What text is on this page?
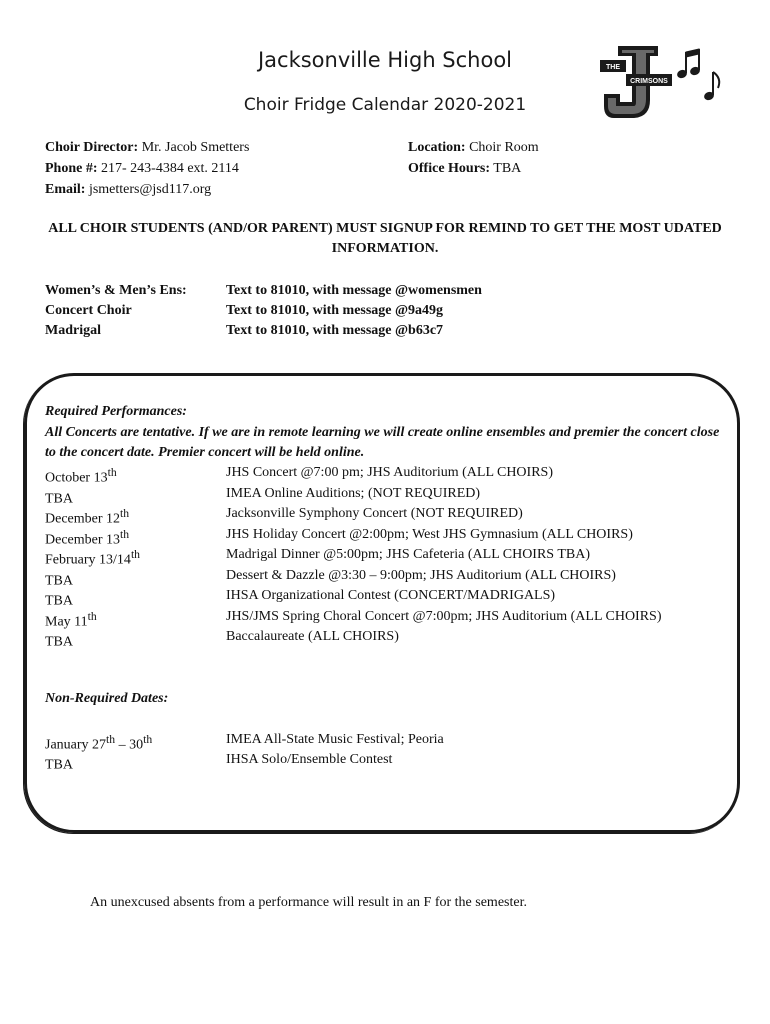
Jacksonville High School
Choir Fridge Calendar 2020-2021
THE
CRIMSONS
Choir Director: Mr. Jacob Smetters
Phone #: 217- 243-4384 ext. 2114
Email: jsmetters@jsd117.org
Location: Choir Room
Office Hours: TBA
ALL CHOIR STUDENTS (AND/OR PARENT) MUST SIGNUP FOR REMIND TO GET THE MOST UDATED INFORMATION.
Women’s & Men’s Ens:	Text to 81010, with message @womensmen
Concert Choir	Text to 81010, with message @9a49g
Madrigal	Text to 81010, with message @b63c7
Required Performances:
All Concerts are tentative. If we are in remote learning we will create online ensembles and premier the concert close to the concert date. Premier concert will be held online.
October 13th	JHS Concert @7:00 pm; JHS Auditorium (ALL CHOIRS)
TBA	IMEA Online Auditions; (NOT REQUIRED)
December 12th	Jacksonville Symphony Concert (NOT REQUIRED)
December 13th	JHS Holiday Concert @2:00pm; West JHS Gymnasium (ALL CHOIRS)
February 13/14th	Madrigal Dinner @5:00pm; JHS Cafeteria (ALL CHOIRS TBA)
TBA	Dessert & Dazzle @3:30 – 9:00pm; JHS Auditorium (ALL CHOIRS)
TBA	IHSA Organizational Contest (CONCERT/MADRIGALS)
May 11th	JHS/JMS Spring Choral Concert @7:00pm; JHS Auditorium (ALL CHOIRS)
TBA	Baccalaureate (ALL CHOIRS)
Non-Required Dates:
January 27th – 30th	IMEA All-State Music Festival; Peoria
TBA	IHSA Solo/Ensemble Contest
An unexcused absents from a performance will result in an F for the semester.
